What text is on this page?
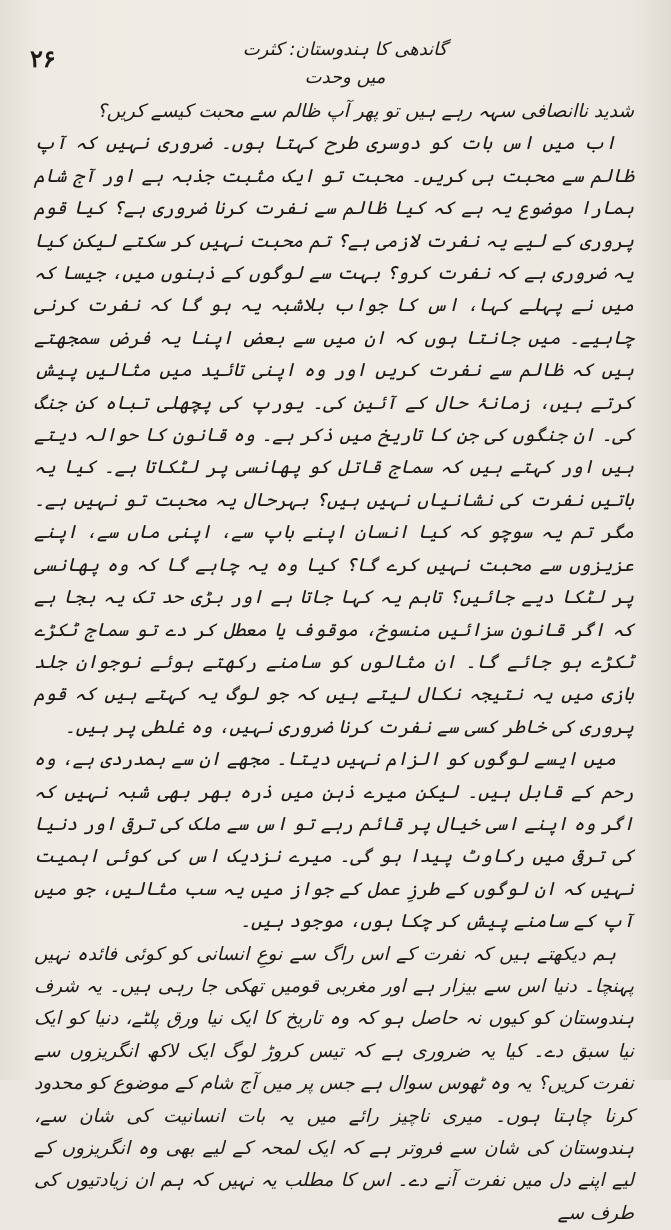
۲۶	گاندھی کا ہندوستان: کثرت میں وحدت

شدید ناانصافی سہہ رہے ہیں تو پھر آپ ظالم سے محبت کیسے کریں؟

اب میں اس بات کو دوسری طرح کہتا ہوں۔ ضروری نہیں کہ آپ ظالم سے محبت ہی کریں۔ محبت تو ایک مثبت جذبہ ہے اور آج شام ہمارا موضوع یہ ہے کہ کیا ظالم سے نفرت کرنا ضروری ہے؟ کیا قوم پروری کے لیے یہ نفرت لازمی ہے؟ تم محبت نہیں کر سکتے لیکن کیا یہ ضروری ہے کہ نفرت کرو؟ بہت سے لوگوں کے ذہنوں میں، جیسا کہ میں نے پہلے کہا، اس کا جواب بلاشبہ یہ ہو گا کہ نفرت کرنی چاہیے۔ میں جانتا ہوں کہ ان میں سے بعض اپنا یہ فرض سمجھتے ہیں کہ ظالم سے نفرت کریں اور وہ اپنی تائید میں مثالیں پیش کرتے ہیں، زمانۂ حال کے آئین کی۔ یورپ کی پچھلی تباہ کن جنگ کی۔ ان جنگوں کی جن کا تاریخ میں ذکر ہے۔ وہ قانون کا حوالہ دیتے ہیں اور کہتے ہیں کہ سماج قاتل کو پھانسی پر لٹکاتا ہے۔ کیا یہ باتیں نفرت کی نشانیاں نہیں ہیں؟ بہرحال یہ محبت تو نہیں ہے۔ مگر تم یہ سوچو کہ کیا انسان اپنے باپ سے، اپنی ماں سے، اپنے عزیزوں سے محبت نہیں کرے گا؟ کیا وہ یہ چاہے گا کہ وہ پھانسی پر لٹکا دیے جائیں؟ تاہم یہ کہا جاتا ہے اور بڑی حد تک یہ بجا ہے کہ اگر قانون سزائیں منسوخ، موقوف یا معطل کر دے تو سماج ٹکڑے ٹکڑے ہو جائے گا۔ ان مثالوں کو سامنے رکھتے ہوئے نوجوان جلد بازی میں یہ نتیجہ نکال لیتے ہیں کہ جو لوگ یہ کہتے ہیں کہ قوم پروری کی خاطر کسی سے نفرت کرنا ضروری نہیں، وہ غلطی پر ہیں۔

میں ایسے لوگوں کو الزام نہیں دیتا۔ مجھے ان سے ہمدردی ہے، وہ رحم کے قابل ہیں۔ لیکن میرے ذہن میں ذرہ بھر بھی شبہ نہیں کہ اگر وہ اپنے اسی خیال پر قائم رہے تو اس سے ملک کی ترقی اور دنیا کی ترقی میں رکاوٹ پیدا ہو گی۔ میرے نزدیک اس کی کوئی اہمیت نہیں کہ ان لوگوں کے طرزِ عمل کے جواز میں یہ سب مثالیں، جو میں آپ کے سامنے پیش کر چکا ہوں، موجود ہیں۔

ہم دیکھتے ہیں کہ نفرت کے اس راگ سے نوعِ انسانی کو کوئی فائدہ نہیں پہنچا۔ دنیا اس سے بیزار ہے اور مغربی قومیں تھکی جا رہی ہیں۔ یہ شرف ہندوستان کو کیوں نہ حاصل ہو کہ وہ تاریخ کا ایک نیا ورق پلٹے، دنیا کو ایک نیا سبق دے۔ کیا یہ ضروری ہے کہ تیس کروڑ لوگ ایک لاکھ انگریزوں سے نفرت کریں؟ یہ وہ ٹھوس سوال ہے جس پر میں آج شام کے موضوع کو محدود کرنا چاہتا ہوں۔ میری ناچیز رائے میں یہ بات انسانیت کی شان سے، ہندوستان کی شان سے فروتر ہے کہ ایک لمحہ کے لیے بھی وہ انگریزوں کے لیے اپنے دل میں نفرت آنے دے۔ اس کا مطلب یہ نہیں کہ ہم ان زیادتیوں کی طرف سے
